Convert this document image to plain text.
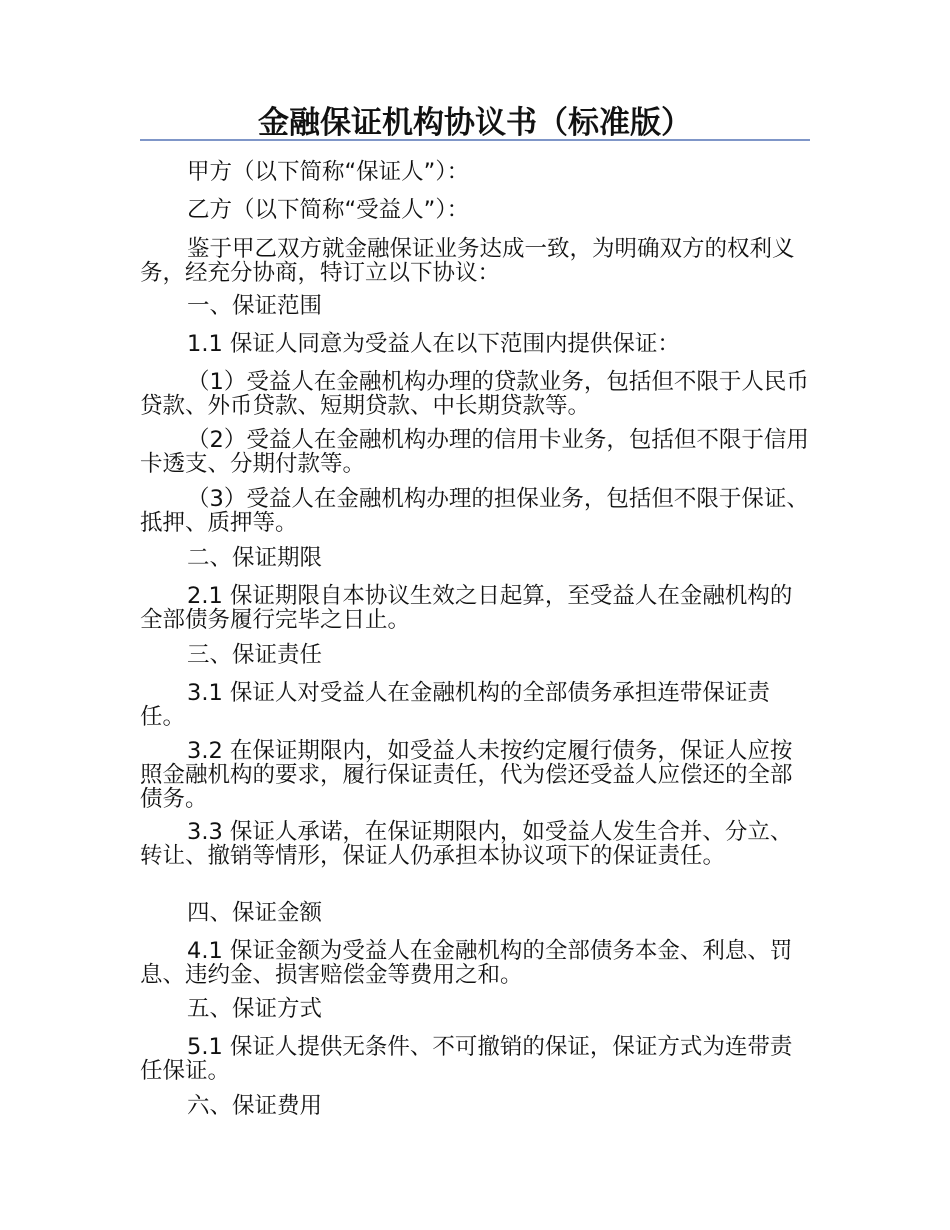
金融保证机构协议书（标准版）

甲方（以下简称“保证人”）：

乙方（以下简称“受益人”）：

鉴于甲乙双方就金融保证业务达成一致，为明确双方的权利义务，经充分协商，特订立以下协议：

一、保证范围

1.1 保证人同意为受益人在以下范围内提供保证：

（1）受益人在金融机构办理的贷款业务，包括但不限于人民币贷款、外币贷款、短期贷款、中长期贷款等。

（2）受益人在金融机构办理的信用卡业务，包括但不限于信用卡透支、分期付款等。

（3）受益人在金融机构办理的担保业务，包括但不限于保证、抵押、质押等。

二、保证期限

2.1 保证期限自本协议生效之日起算，至受益人在金融机构的全部债务履行完毕之日止。

三、保证责任

3.1 保证人对受益人在金融机构的全部债务承担连带保证责任。

3.2 在保证期限内，如受益人未按约定履行债务，保证人应按照金融机构的要求，履行保证责任，代为偿还受益人应偿还的全部债务。

3.3 保证人承诺，在保证期限内，如受益人发生合并、分立、转让、撤销等情形，保证人仍承担本协议项下的保证责任。

四、保证金额

4.1 保证金额为受益人在金融机构的全部债务本金、利息、罚息、违约金、损害赔偿金等费用之和。

五、保证方式

5.1 保证人提供无条件、不可撤销的保证，保证方式为连带责任保证。

六、保证费用
